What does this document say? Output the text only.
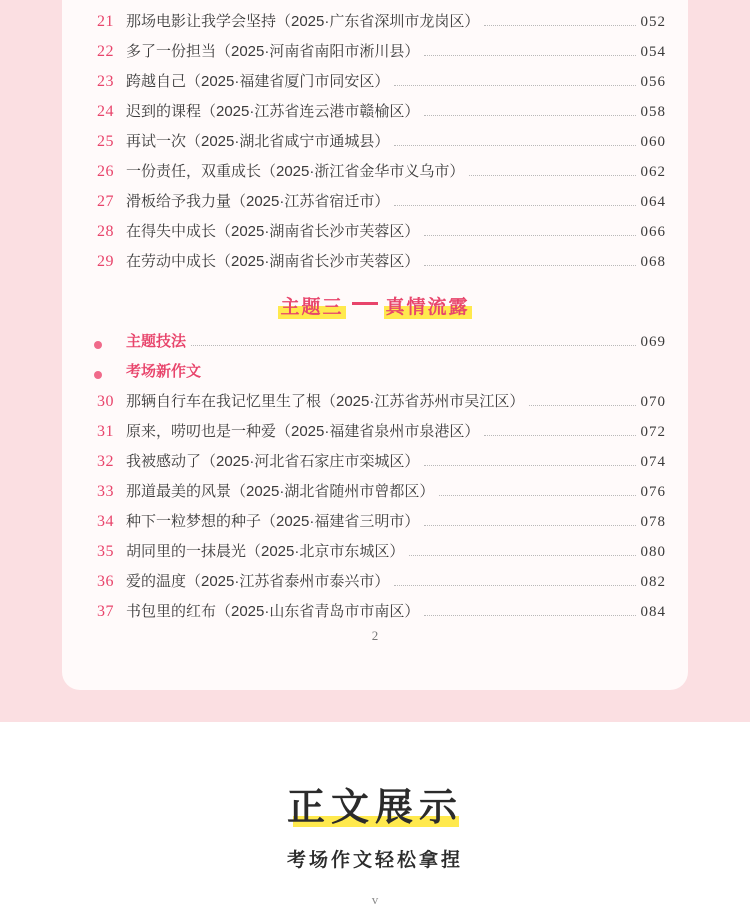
21 那场电影让我学会坚持（2025·广东省深圳市龙岗区）	052
22 多了一份担当（2025·河南省南阳市淅川县）	054
23 跨越自己（2025·福建省厦门市同安区）	056
24 迟到的课程（2025·江苏省连云港市赣榆区）	058
25 再试一次（2025·湖北省咸宁市通城县）	060
26 一份责任，双重成长（2025·浙江省金华市义乌市）	062
27 滑板给予我力量（2025·江苏省宿迁市）	064
28 在得失中成长（2025·湖南省长沙市芙蓉区）	066
29 在劳动中成长（2025·湖南省长沙市芙蓉区）	068
主题三 真情流露
主题技法	069
考场新作文
30 那辆自行车在我记忆里生了根（2025·江苏省苏州市吴江区）	070
31 原来，唠叨也是一种爱（2025·福建省泉州市泉港区）	072
32 我被感动了（2025·河北省石家庄市栾城区）	074
33 那道最美的风景（2025·湖北省随州市曾都区）	076
34 种下一粒梦想的种子（2025·福建省三明市）	078
35 胡同里的一抹晨光（2025·北京市东城区）	080
36 爱的温度（2025·江苏省泰州市泰兴市）	082
37 书包里的红布（2025·山东省青岛市市南区）	084
2
正文展示
考场作文轻松拿捏
v
